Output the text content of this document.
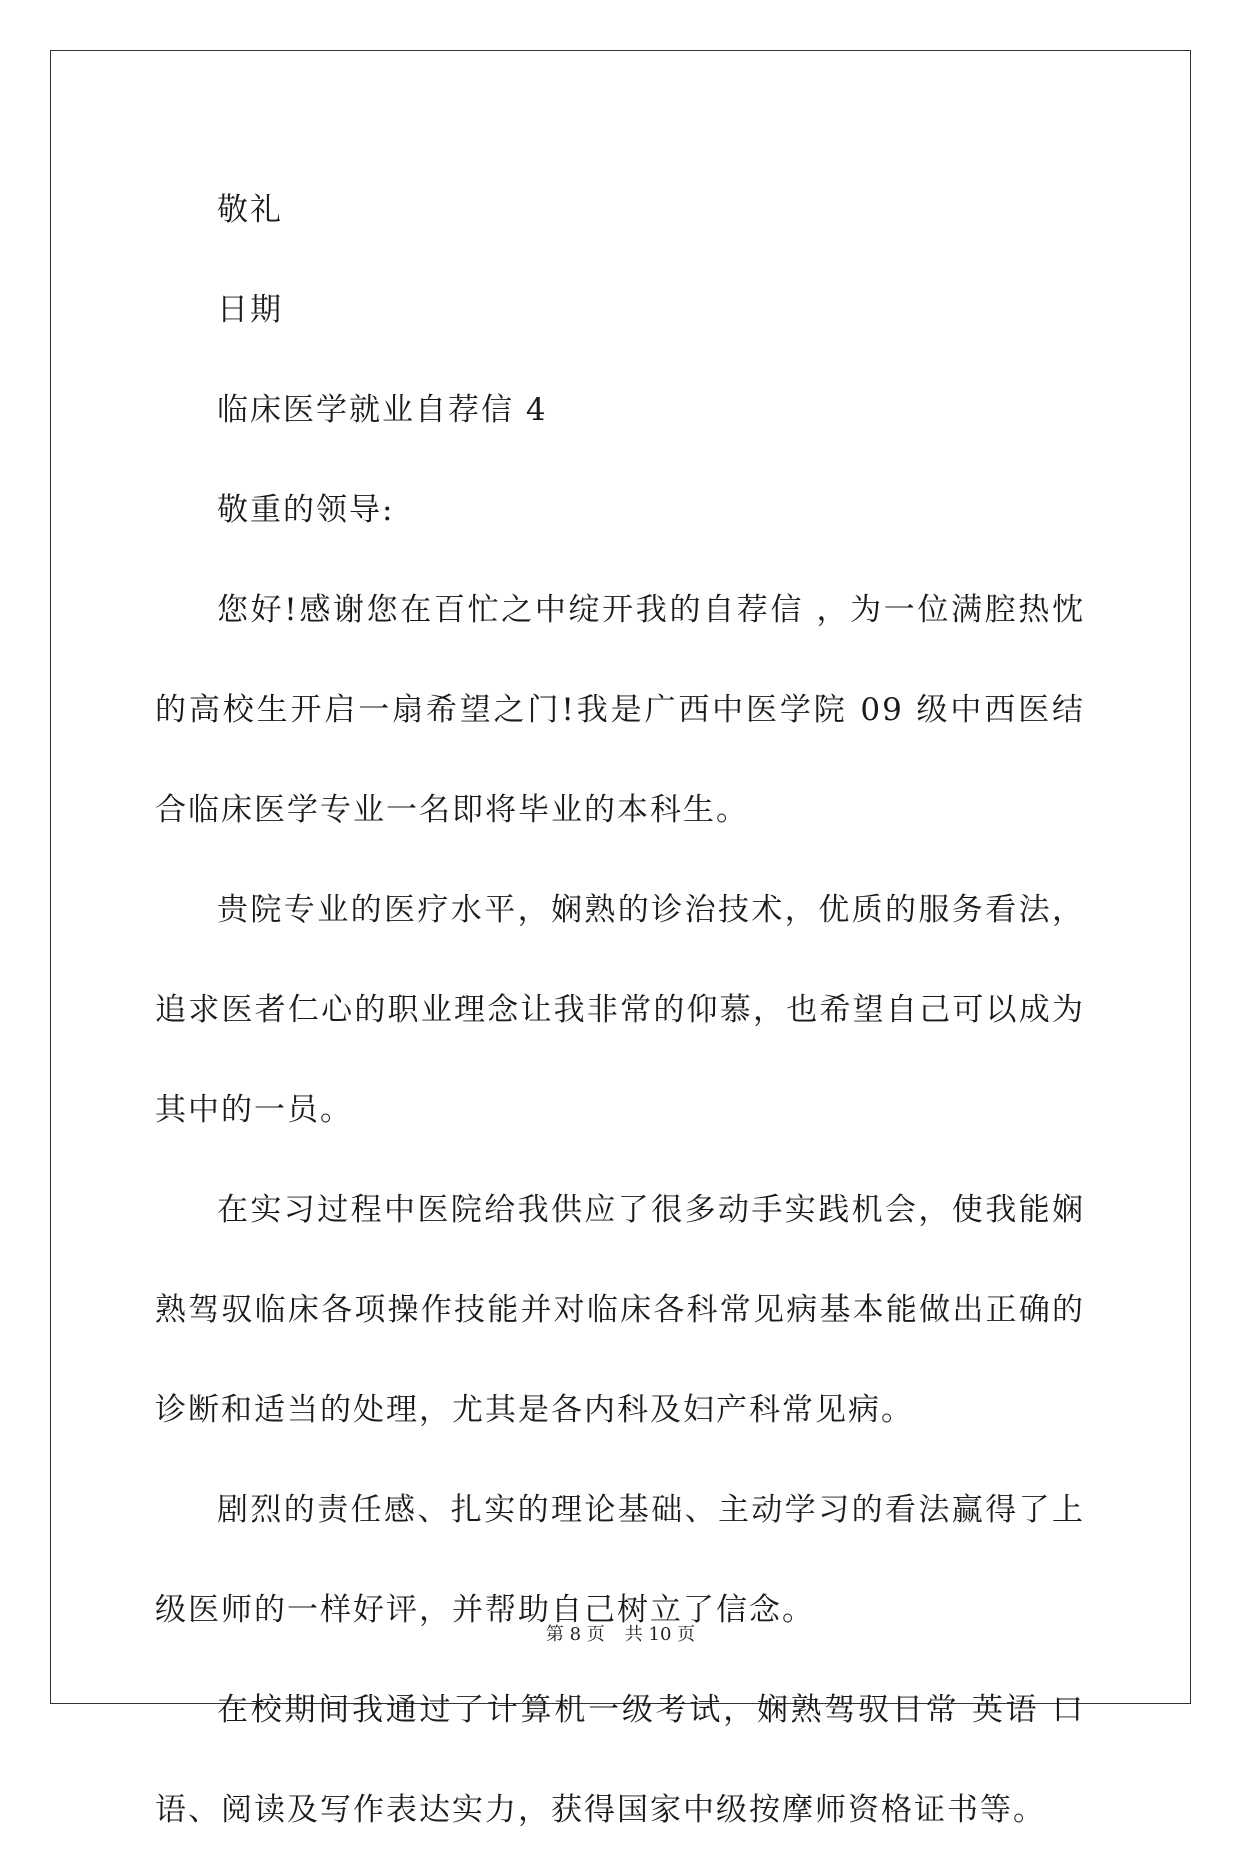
敬礼

日期

临床医学就业自荐信 4

敬重的领导:

您好!感谢您在百忙之中绽开我的自荐信 ，为一位满腔热忱的高校生开启一扇希望之门!我是广西中医学院 09 级中西医结合临床医学专业一名即将毕业的本科生。

贵院专业的医疗水平，娴熟的诊治技术，优质的服务看法，追求医者仁心的职业理念让我非常的仰慕，也希望自己可以成为其中的一员。

在实习过程中医院给我供应了很多动手实践机会，使我能娴熟驾驭临床各项操作技能并对临床各科常见病基本能做出正确的诊断和适当的处理，尤其是各内科及妇产科常见病。

剧烈的责任感、扎实的理论基础、主动学习的看法赢得了上级医师的一样好评，并帮助自己树立了信念。

在校期间我通过了计算机一级考试，娴熟驾驭日常 英语 口语、阅读及写作表达实力，获得国家中级按摩师资格证书等。

第 8 页 共 10 页
